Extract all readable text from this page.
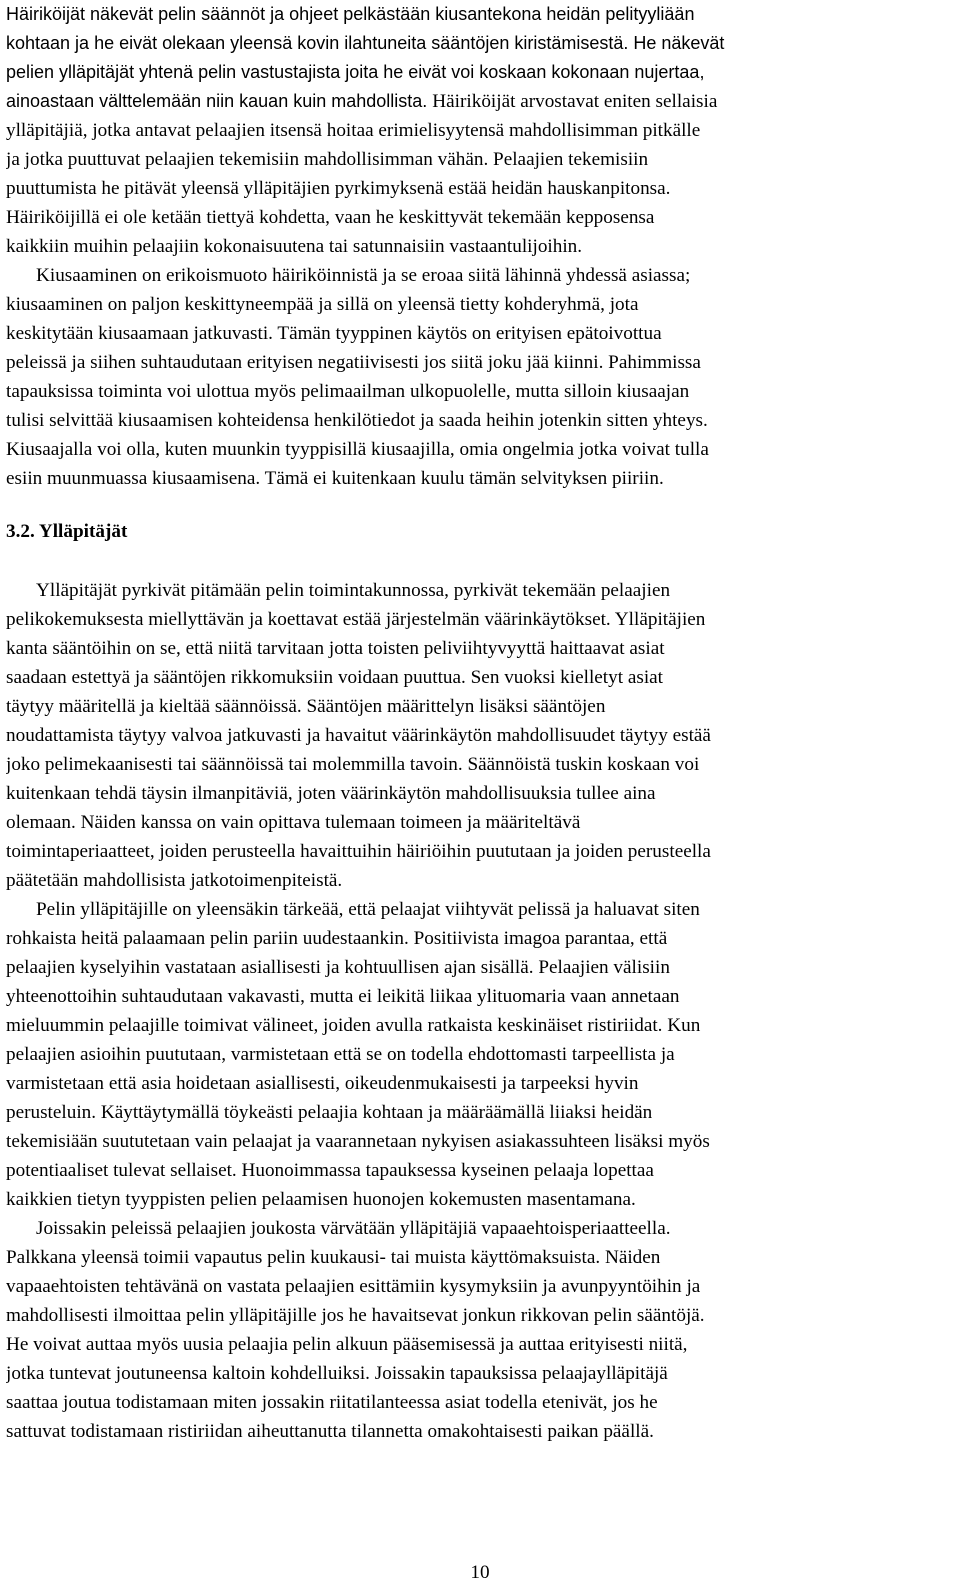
Häiriköijät näkevät pelin säännöt ja ohjeet pelkästään kiusantekona heidän pelityyliään
kohtaan ja he eivät olekaan yleensä kovin ilahtuneita sääntöjen kiristämisestä. He näkevät
pelien ylläpitäjät yhtenä pelin vastustajista joita he eivät voi koskaan kokonaan nujertaa,
ainoastaan välttelemään niin kauan kuin mahdollista. Häiriköijät arvostavat eniten sellaisia
ylläpitäjiä, jotka antavat pelaajien itsensä hoitaa erimielisyytensä mahdollisimman pitkälle
ja jotka puuttuvat pelaajien tekemisiin mahdollisimman vähän. Pelaajien tekemisiin
puuttumista he pitävät yleensä ylläpitäjien pyrkimyksenä estää heidän hauskanpitonsa.
Häiriköijillä ei ole ketään tiettyä kohdetta, vaan he keskittyvät tekemään kepposensa
kaikkiin muihin pelaajiin kokonaisuutena tai satunnaisiin vastaantulijoihin.
Kiusaaminen on erikoismuoto häiriköinnistä ja se eroaa siitä lähinnä yhdessä asiassa;
kiusaaminen on paljon keskittyneempää ja sillä on yleensä tietty kohderyhmä, jota
keskitytään kiusaamaan jatkuvasti. Tämän tyyppinen käytös on erityisen epätoivottua
peleissä ja siihen suhtaudutaan erityisen negatiivisesti jos siitä joku jää kiinni. Pahimmissa
tapauksissa toiminta voi ulottua myös pelimaailman ulkopuolelle, mutta silloin kiusaajan
tulisi selvittää kiusaamisen kohteidensa henkilötiedot ja saada heihin jotenkin sitten yhteys.
Kiusaajalla voi olla, kuten muunkin tyyppisillä kiusaajilla, omia ongelmia jotka voivat tulla
esiin muunmuassa kiusaamisena. Tämä ei kuitenkaan kuulu tämän selvityksen piiriin.
3.2. Ylläpitäjät
Ylläpitäjät pyrkivät pitämään pelin toimintakunnossa, pyrkivät tekemään pelaajien
pelikokemuksesta miellyttävän ja koettavat estää järjestelmän väärinkäytökset. Ylläpitäjien
kanta sääntöihin on se, että niitä tarvitaan jotta toisten peliviihtyvyyttä haittaavat asiat
saadaan estettyä ja sääntöjen rikkomuksiin voidaan puuttua. Sen vuoksi kielletyt asiat
täytyy määritellä ja kieltää säännöissä. Sääntöjen määrittelyn lisäksi sääntöjen
noudattamista täytyy valvoa jatkuvasti ja havaitut väärinkäytön mahdollisuudet täytyy estää
joko pelimekaanisesti tai säännöissä tai molemmilla tavoin. Säännöistä tuskin koskaan voi
kuitenkaan tehdä täysin ilmanpitäviä, joten väärinkäytön mahdollisuuksia tullee aina
olemaan. Näiden kanssa on vain opittava tulemaan toimeen ja määriteltävä
toimintaperiaatteet, joiden perusteella havaittuihin häiriöihin puututaan ja joiden perusteella
päätetään mahdollisista jatkotoimenpiteistä.
Pelin ylläpitäjille on yleensäkin tärkeää, että pelaajat viihtyvät pelissä ja haluavat siten
rohkaista heitä palaamaan pelin pariin uudestaankin. Positiivista imagoa parantaa, että
pelaajien kyselyihin vastataan asiallisesti ja kohtuullisen ajan sisällä. Pelaajien välisiin
yhteenottoihin suhtaudutaan vakavasti, mutta ei leikitä liikaa ylituomaria vaan annetaan
mieluummin pelaajille toimivat välineet, joiden avulla ratkaista keskinäiset ristiriidat. Kun
pelaajien asioihin puututaan, varmistetaan että se on todella ehdottomasti tarpeellista ja
varmistetaan että asia hoidetaan asiallisesti, oikeudenmukaisesti ja tarpeeksi hyvin
perusteluin. Käyttäytymällä töykeästi pelaajia kohtaan ja määräämällä liiaksi heidän
tekemisiään suututetaan vain pelaajat ja vaarannetaan nykyisen asiakassuhteen lisäksi myös
potentiaaliset tulevat sellaiset. Huonoimmassa tapauksessa kyseinen pelaaja lopettaa
kaikkien tietyn tyyppisten pelien pelaamisen huonojen kokemusten masentamana.
Joissakin peleissä pelaajien joukosta värvätään ylläpitäjiä vapaaehtoisperiaatteella.
Palkkana yleensä toimii vapautus pelin kuukausi- tai muista käyttömaksuista. Näiden
vapaaehtoisten tehtävänä on vastata pelaajien esittämiin kysymyksiin ja avunpyyntöihin ja
mahdollisesti ilmoittaa pelin ylläpitäjille jos he havaitsevat jonkun rikkovan pelin sääntöjä.
He voivat auttaa myös uusia pelaajia pelin alkuun pääsemisessä ja auttaa erityisesti niitä,
jotka tuntevat joutuneensa kaltoin kohdelluiksi. Joissakin tapauksissa pelaajaylläpitäjä
saattaa joutua todistamaan miten jossakin riitatilanteessa asiat todella etenivät, jos he
sattuvat todistamaan ristiriidan aiheuttanutta tilannetta omakohtaisesti paikan päällä.
10
